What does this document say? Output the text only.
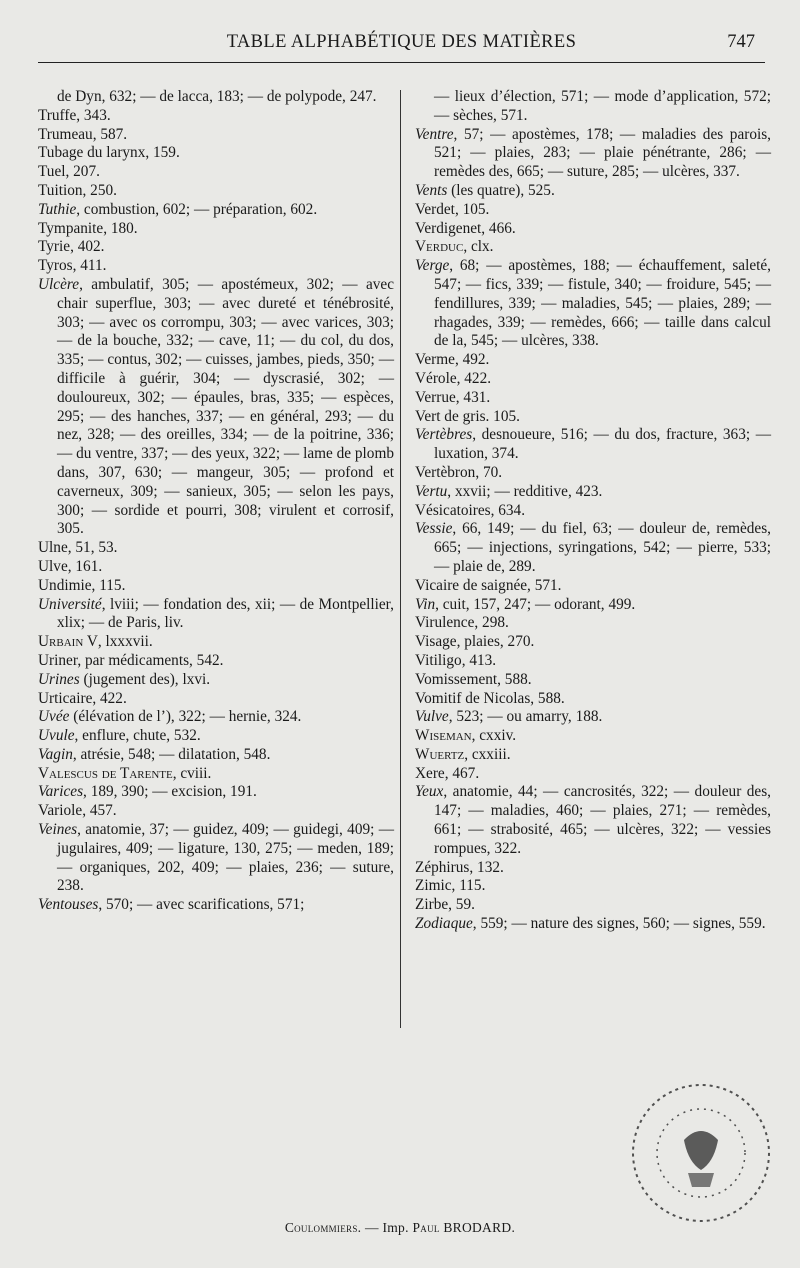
TABLE ALPHABÉTIQUE DES MATIÈRES	747

de Dyn, 632; — de lacca, 183; — de polypode, 247.

Truffe, 343.

Trumeau, 587.

Tubage du larynx, 159.

Tuel, 207.

Tuition, 250.

Tuthie, combustion, 602; — préparation, 602.

Tympanite, 180.

Tyrie, 402.

Tyros, 411.

Ulcère, ambulatif, 305; — apostémeux, 302; — avec chair superflue, 303; — avec dureté et ténébrosité, 303; — avec os corrompu, 303; — avec varices, 303; — de la bouche, 332; — cave, 11; — du col, du dos, 335; — contus, 302; — cuisses, jambes, pieds, 350; — difficile à guérir, 304; — dyscrasié, 302; — douloureux, 302; — épaules, bras, 335; — espèces, 295; — des hanches, 337; — en général, 293; — du nez, 328; — des oreilles, 334; — de la poitrine, 336; — du ventre, 337; — des yeux, 322; — lame de plomb dans, 307, 630; — mangeur, 305; — profond et caverneux, 309; — sanieux, 305; — selon les pays, 300; — sordide et pourri, 308; virulent et corrosif, 305.

Ulne, 51, 53.

Ulve, 161.

Undimie, 115.

Université, lviii; — fondation des, xii; — de Montpellier, xlix; — de Paris, liv.

Urbain V, lxxxvii.

Uriner, par médicaments, 542.

Urines (jugement des), lxvi.

Urticaire, 422.

Uvée (élévation de l’), 322; — hernie, 324.

Uvule, enflure, chute, 532.

Vagin, atrésie, 548; — dilatation, 548.

Valescus de Tarente, cviii.

Varices, 189, 390; — excision, 191.

Variole, 457.

Veines, anatomie, 37; — guidez, 409; — guidegi, 409; — jugulaires, 409; — ligature, 130, 275; — meden, 189; — organiques, 202, 409; — plaies, 236; — suture, 238.

Ventouses, 570; — avec scarifications, 571;

— lieux d’élection, 571; — mode d’application, 572; — sèches, 571.

Ventre, 57; — apostèmes, 178; — maladies des parois, 521; — plaies, 283; — plaie pénétrante, 286; — remèdes des, 665; — suture, 285; — ulcères, 337.

Vents (les quatre), 525.

Verdet, 105.

Verdigenet, 466.

Verduc, clx.

Verge, 68; — apostèmes, 188; — échauffement, saleté, 547; — fics, 339; — fistule, 340; — froidure, 545; — fendillures, 339; — maladies, 545; — plaies, 289; — rhagades, 339; — remèdes, 666; — taille dans calcul de la, 545; — ulcères, 338.

Verme, 492.

Vérole, 422.

Verrue, 431.

Vert de gris. 105.

Vertèbres, desnoueure, 516; — du dos, fracture, 363; — luxation, 374.

Vertèbron, 70.

Vertu, xxvii; — redditive, 423.

Vésicatoires, 634.

Vessie, 66, 149; — du fiel, 63; — douleur de, remèdes, 665; — injections, syringations, 542; — pierre, 533; — plaie de, 289.

Vicaire de saignée, 571.

Vin, cuit, 157, 247; — odorant, 499.

Virulence, 298.

Visage, plaies, 270.

Vitiligo, 413.

Vomissement, 588.

Vomitif de Nicolas, 588.

Vulve, 523; — ou amarry, 188.

Wiseman, cxxiv.

Wuertz, cxxiii.

Xere, 467.

Yeux, anatomie, 44; — cancrosités, 322; — douleur des, 147; — maladies, 460; — plaies, 271; — remèdes, 661; — strabosité, 465; — ulcères, 322; — vessies rompues, 322.

Zéphirus, 132.

Zimic, 115.

Zirbe, 59.

Zodiaque, 559; — nature des signes, 560; — signes, 559.

Coulommiers. — Imp. Paul BRODARD.
